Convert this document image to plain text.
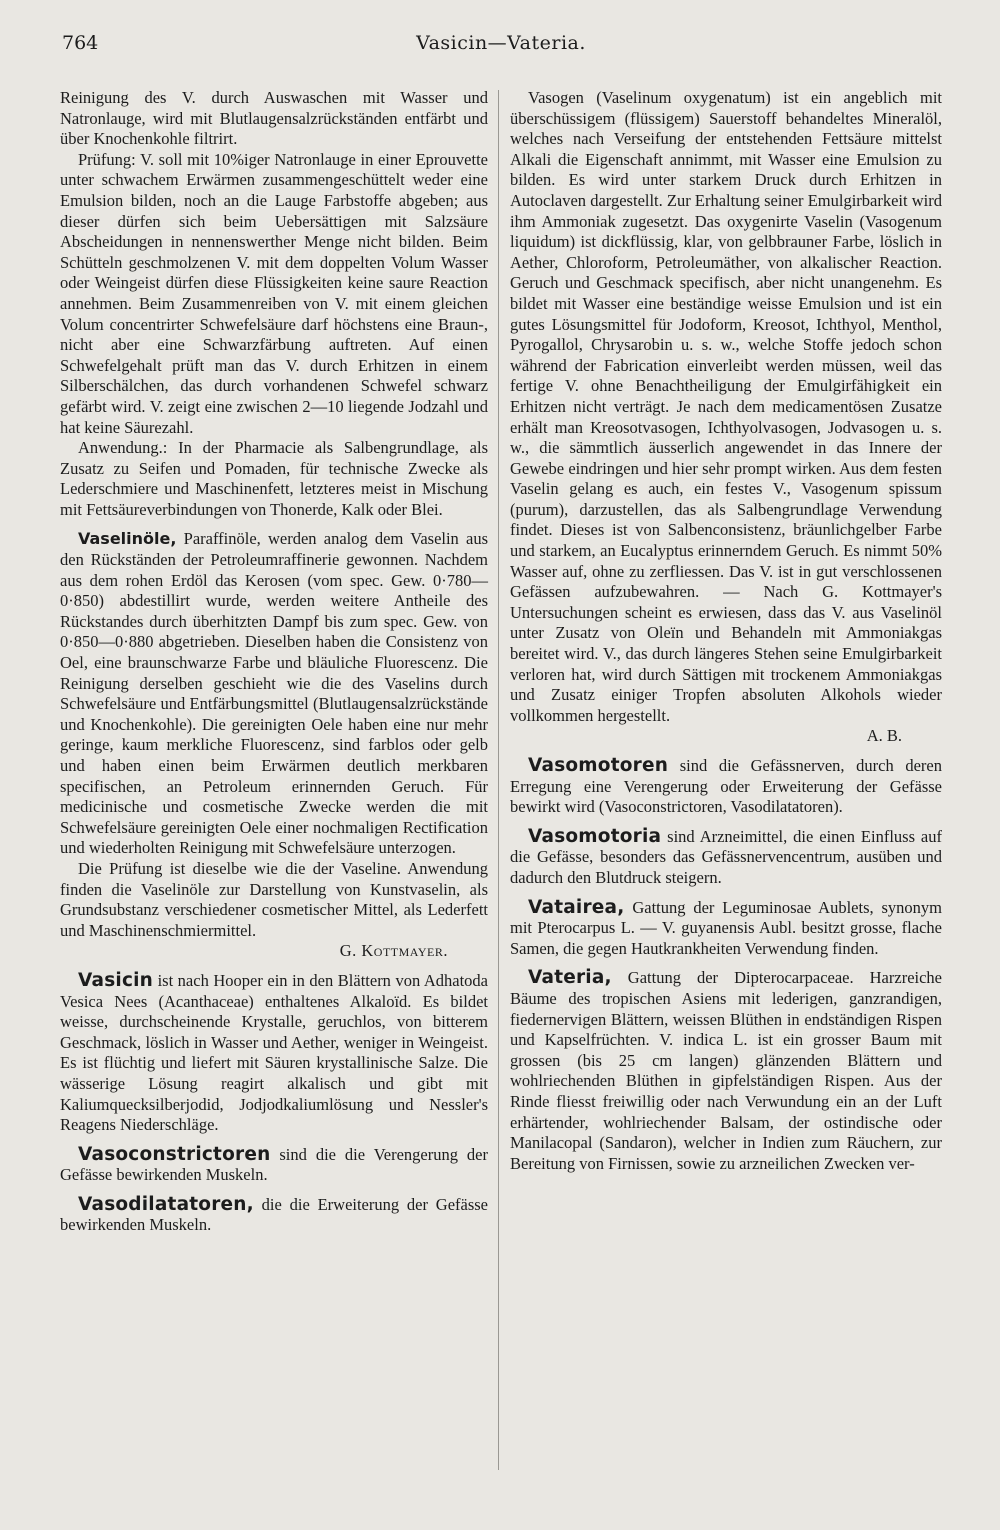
764	Vasicin—Vateria.

Reinigung des V. durch Auswaschen mit Wasser und Natronlauge, wird mit Blutlaugensalzrückständen entfärbt und über Knochenkohle filtrirt.

Prüfung: V. soll mit 10%iger Natronlauge in einer Eprouvette unter schwachem Erwärmen zusammengeschüttelt weder eine Emulsion bilden, noch an die Lauge Farbstoffe abgeben; aus dieser dürfen sich beim Uebersättigen mit Salzsäure Abscheidungen in nennenswerther Menge nicht bilden. Beim Schütteln geschmolzenen V. mit dem doppelten Volum Wasser oder Weingeist dürfen diese Flüssigkeiten keine saure Reaction annehmen. Beim Zusammenreiben von V. mit einem gleichen Volum concentrirter Schwefelsäure darf höchstens eine Braun-, nicht aber eine Schwarzfärbung auftreten. Auf einen Schwefelgehalt prüft man das V. durch Erhitzen in einem Silberschälchen, das durch vorhandenen Schwefel schwarz gefärbt wird. V. zeigt eine zwischen 2—10 liegende Jodzahl und hat keine Säurezahl.

Anwendung.: In der Pharmacie als Salbengrundlage, als Zusatz zu Seifen und Pomaden, für technische Zwecke als Lederschmiere und Maschinenfett, letzteres meist in Mischung mit Fettsäureverbindungen von Thonerde, Kalk oder Blei.

Vaselinöle, Paraffinöle, werden analog dem Vaselin aus den Rückständen der Petroleumraffinerie gewonnen. Nachdem aus dem rohen Erdöl das Kerosen (vom spec. Gew. 0·780—0·850) abdestillirt wurde, werden weitere Antheile des Rückstandes durch überhitzten Dampf bis zum spec. Gew. von 0·850—0·880 abgetrieben. Dieselben haben die Consistenz von Oel, eine braunschwarze Farbe und bläuliche Fluorescenz. Die Reinigung derselben geschieht wie die des Vaselins durch Schwefelsäure und Entfärbungsmittel (Blutlaugensalzrückstände und Knochenkohle). Die gereinigten Oele haben eine nur mehr geringe, kaum merkliche Fluorescenz, sind farblos oder gelb und haben einen beim Erwärmen deutlich merkbaren specifischen, an Petroleum erinnernden Geruch. Für medicinische und cosmetische Zwecke werden die mit Schwefelsäure gereinigten Oele einer nochmaligen Rectification und wiederholten Reinigung mit Schwefelsäure unterzogen.

Die Prüfung ist dieselbe wie die der Vaseline. Anwendung finden die Vaselinöle zur Darstellung von Kunstvaselin, als Grundsubstanz verschiedener cosmetischer Mittel, als Lederfett und Maschinenschmiermittel.

G. Kottmayer.

Vasicin ist nach Hooper ein in den Blättern von Adhatoda Vesica Nees (Acanthaceae) enthaltenes Alkaloïd. Es bildet weisse, durchscheinende Krystalle, geruchlos, von bitterem Geschmack, löslich in Wasser und Aether, weniger in Weingeist. Es ist flüchtig und liefert mit Säuren krystallinische Salze. Die wässerige Lösung reagirt alkalisch und gibt mit Kaliumquecksilberjodid, Jodjodkaliumlösung und Nessler's Reagens Niederschläge.

Vasoconstrictoren sind die die Verengerung der Gefässe bewirkenden Muskeln.

Vasodilatatoren, die die Erweiterung der Gefässe bewirkenden Muskeln.

Vasogen (Vaselinum oxygenatum) ist ein angeblich mit überschüssigem (flüssigem) Sauerstoff behandeltes Mineralöl, welches nach Verseifung der entstehenden Fettsäure mittelst Alkali die Eigenschaft annimmt, mit Wasser eine Emulsion zu bilden. Es wird unter starkem Druck durch Erhitzen in Autoclaven dargestellt. Zur Erhaltung seiner Emulgirbarkeit wird ihm Ammoniak zugesetzt. Das oxygenirte Vaselin (Vasogenum liquidum) ist dickflüssig, klar, von gelbbrauner Farbe, löslich in Aether, Chloroform, Petroleumäther, von alkalischer Reaction. Geruch und Geschmack specifisch, aber nicht unangenehm. Es bildet mit Wasser eine beständige weisse Emulsion und ist ein gutes Lösungsmittel für Jodoform, Kreosot, Ichthyol, Menthol, Pyrogallol, Chrysarobin u. s. w., welche Stoffe jedoch schon während der Fabrication einverleibt werden müssen, weil das fertige V. ohne Benachtheiligung der Emulgirfähigkeit ein Erhitzen nicht verträgt. Je nach dem medicamentösen Zusatze erhält man Kreosotvasogen, Ichthyolvasogen, Jodvasogen u. s. w., die sämmtlich äusserlich angewendet in das Innere der Gewebe eindringen und hier sehr prompt wirken. Aus dem festen Vaselin gelang es auch, ein festes V., Vasogenum spissum (purum), darzustellen, das als Salbengrundlage Verwendung findet. Dieses ist von Salbenconsistenz, bräunlichgelber Farbe und starkem, an Eucalyptus erinnerndem Geruch. Es nimmt 50% Wasser auf, ohne zu zerfliessen. Das V. ist in gut verschlossenen Gefässen aufzubewahren. — Nach G. Kottmayer's Untersuchungen scheint es erwiesen, dass das V. aus Vaselinöl unter Zusatz von Oleïn und Behandeln mit Ammoniakgas bereitet wird. V., das durch längeres Stehen seine Emulgirbarkeit verloren hat, wird durch Sättigen mit trockenem Ammoniakgas und Zusatz einiger Tropfen absoluten Alkohols wieder vollkommen hergestellt.

A. B.

Vasomotoren sind die Gefässnerven, durch deren Erregung eine Verengerung oder Erweiterung der Gefässe bewirkt wird (Vasoconstrictoren, Vasodilatatoren).

Vasomotoria sind Arzneimittel, die einen Einfluss auf die Gefässe, besonders das Gefässnervencentrum, ausüben und dadurch den Blutdruck steigern.

Vatairea, Gattung der Leguminosae Aublets, synonym mit Pterocarpus L. — V. guyanensis Aubl. besitzt grosse, flache Samen, die gegen Hautkrankheiten Verwendung finden.

Vateria, Gattung der Dipterocarpaceae. Harzreiche Bäume des tropischen Asiens mit lederigen, ganzrandigen, fiedernervigen Blättern, weissen Blüthen in endständigen Rispen und Kapselfrüchten. V. indica L. ist ein grosser Baum mit grossen (bis 25 cm langen) glänzenden Blättern und wohlriechenden Blüthen in gipfelständigen Rispen. Aus der Rinde fliesst freiwillig oder nach Verwundung ein an der Luft erhärtender, wohlriechender Balsam, der ostindische oder Manilacopal (Sandaron), welcher in Indien zum Räuchern, zur Bereitung von Firnissen, sowie zu arzneilichen Zwecken ver-
